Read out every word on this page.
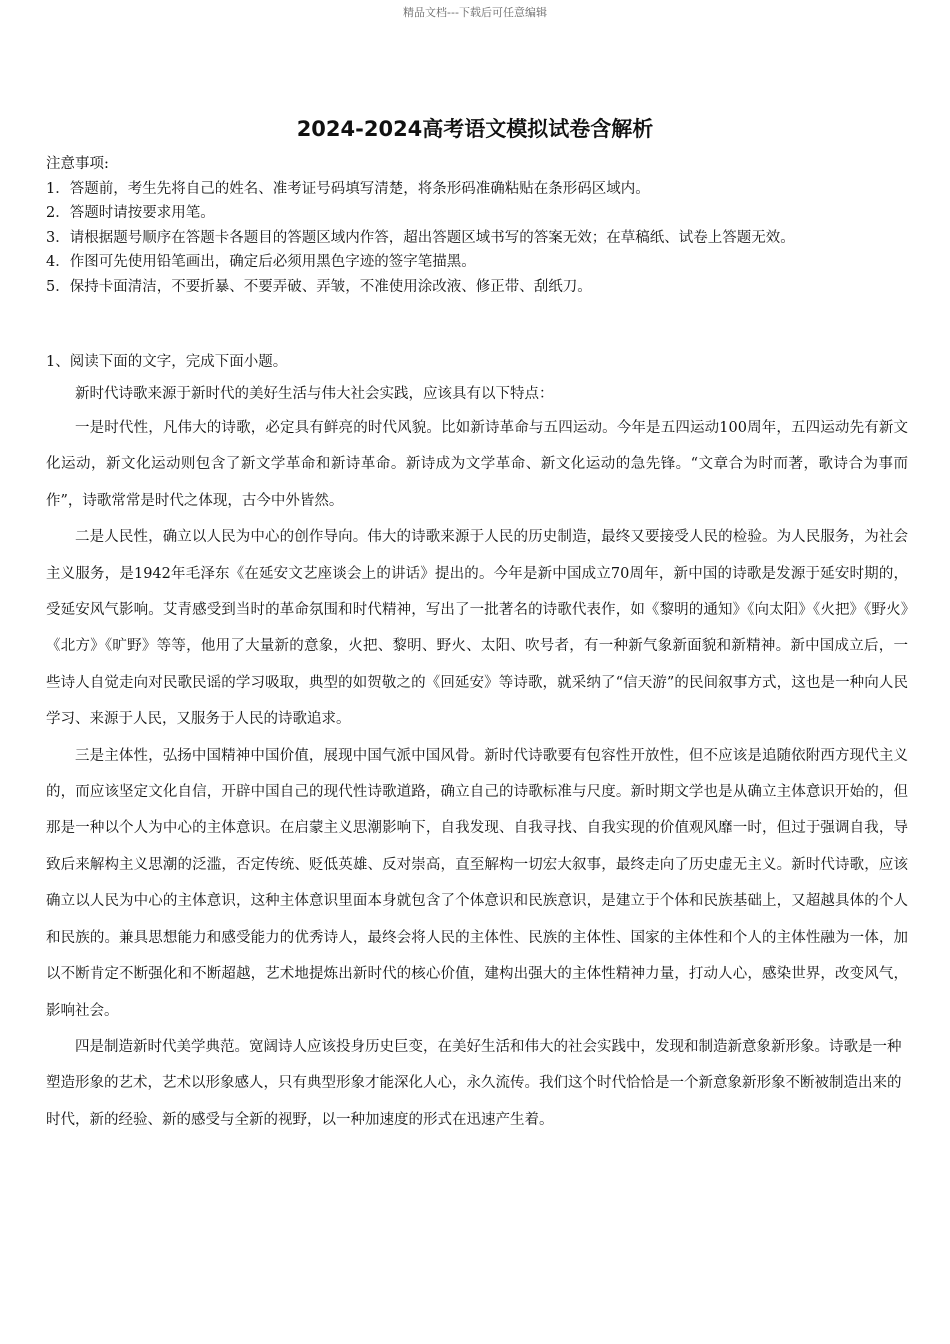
精品文档---下载后可任意编辑
2024-2024高考语文模拟试卷含解析
注意事项:
1．答题前，考生先将自己的姓名、准考证号码填写清楚，将条形码准确粘贴在条形码区域内。
2．答题时请按要求用笔。
3．请根据题号顺序在答题卡各题目的答题区域内作答，超出答题区域书写的答案无效；在草稿纸、试卷上答题无效。
4．作图可先使用铅笔画出，确定后必须用黑色字迹的签字笔描黑。
5．保持卡面清洁，不要折暴、不要弄破、弄皱，不准使用涂改液、修正带、刮纸刀。
1、阅读下面的文字，完成下面小题。

新时代诗歌来源于新时代的美好生活与伟大社会实践，应该具有以下特点：

一是时代性，凡伟大的诗歌，必定具有鲜亮的时代风貌。比如新诗革命与五四运动。今年是五四运动100周年，五四运动先有新文化运动，新文化运动则包含了新文学革命和新诗革命。新诗成为文学革命、新文化运动的急先锋。“文章合为时而著，歌诗合为事而作”，诗歌常常是时代之体现，古今中外皆然。

二是人民性，确立以人民为中心的创作导向。伟大的诗歌来源于人民的历史制造，最终又要接受人民的检验。为人民服务，为社会主义服务，是1942年毛泽东《在延安文艺座谈会上的讲话》提出的。今年是新中国成立70周年，新中国的诗歌是发源于延安时期的，受延安风气影响。艾青感受到当时的革命氛围和时代精神，写出了一批著名的诗歌代表作，如《黎明的通知》《向太阳》《火把》《野火》《北方》《旷野》等等，他用了大量新的意象，火把、黎明、野火、太阳、吹号者，有一种新气象新面貌和新精神。新中国成立后，一些诗人自觉走向对民歌民谣的学习吸取，典型的如贺敬之的《回延安》等诗歌，就采纳了“信天游”的民间叙事方式，这也是一种向人民学习、来源于人民，又服务于人民的诗歌追求。

三是主体性，弘扬中国精神中国价值，展现中国气派中国风骨。新时代诗歌要有包容性开放性，但不应该是追随依附西方现代主义的，而应该坚定文化自信，开辟中国自己的现代性诗歌道路，确立自己的诗歌标准与尺度。新时期文学也是从确立主体意识开始的，但那是一种以个人为中心的主体意识。在启蒙主义思潮影响下，自我发现、自我寻找、自我实现的价值观风靡一时，但过于强调自我，导致后来解构主义思潮的泛滥，否定传统、贬低英雄、反对崇高，直至解构一切宏大叙事，最终走向了历史虚无主义。新时代诗歌，应该确立以人民为中心的主体意识，这种主体意识里面本身就包含了个体意识和民族意识，是建立于个体和民族基础上，又超越具体的个人和民族的。兼具思想能力和感受能力的优秀诗人，最终会将人民的主体性、民族的主体性、国家的主体性和个人的主体性融为一体，加以不断肯定不断强化和不断超越，艺术地提炼出新时代的核心价值，建构出强大的主体性精神力量，打动人心，感染世界，改变风气，影响社会。

四是制造新时代美学典范。宽阔诗人应该投身历史巨变，在美好生活和伟大的社会实践中，发现和制造新意象新形象。诗歌是一种塑造形象的艺术，艺术以形象感人，只有典型形象才能深化人心，永久流传。我们这个时代恰恰是一个新意象新形象不断被制造出来的时代，新的经验、新的感受与全新的视野，以一种加速度的形式在迅速产生着。
